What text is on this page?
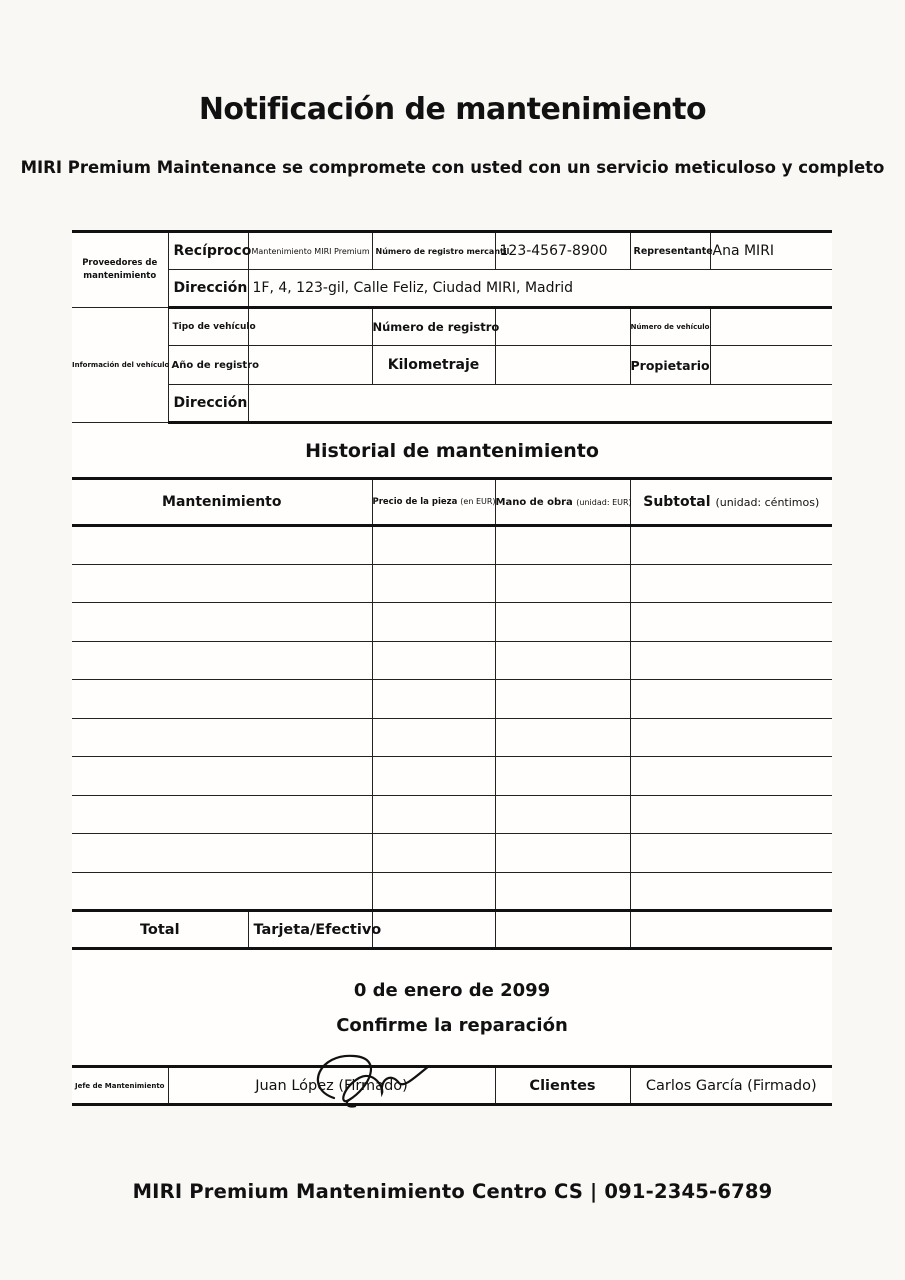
Notificación de mantenimiento
MIRI Premium Maintenance se compromete con usted con un servicio meticuloso y completo
Proveedores de mantenimiento	Recíproco	Mantenimiento MIRI Premium	Número de registro mercantil	123-4567-8900	Representante	Ana MIRI
	Dirección	1F, 4, 123-gil, Calle Feliz, Ciudad MIRI, Madrid				
Información del vehículo	Tipo de vehículo		Número de registro		Número de vehículo	
	Año de registro		Kilometraje		Propietario	
	Dirección					
Historial de mantenimiento						
Mantenimiento			Precio de la pieza (en EUR)	Mano de obra (unidad: EUR)	Subtotal (unidad: céntimos)	

Total		Tarjeta/Efectivo				

0 de enero de 2099
Confirme la reparación						

Jefe de Mantenimiento	Juan López (Firmado)			Clientes	Carlos García (Firmado)	
MIRI Premium Mantenimiento Centro CS | 091-2345-6789
